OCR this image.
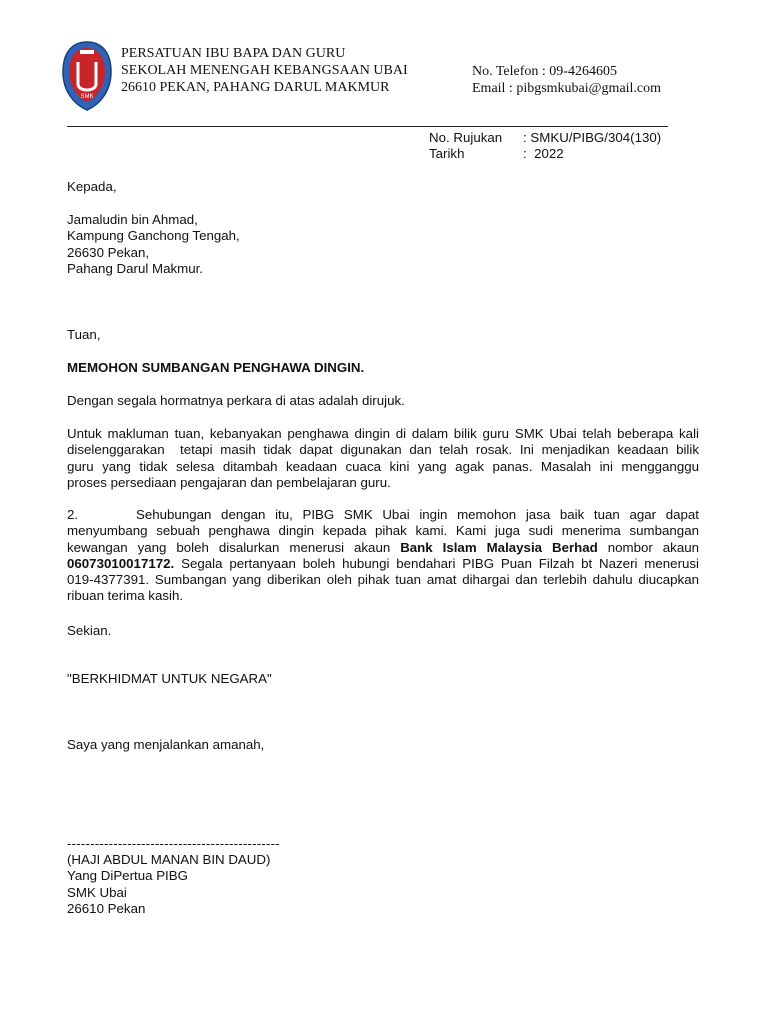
SMK
PERSATUAN IBU BAPA DAN GURU
SEKOLAH MENENGAH KEBANGSAAN UBAI
26610 PEKAN, PAHANG DARUL MAKMUR
No. Telefon : 09-4264605
Email : pibgsmkubai@gmail.com
No. Rujukan	: SMKU/PIBG/304(130)
Tarikh	:  2022
Kepada,
Jamaludin bin Ahmad,
Kampung Ganchong Tengah,
26630 Pekan,
Pahang Darul Makmur.
Tuan,
MEMOHON SUMBANGAN PENGHAWA DINGIN.
Dengan segala hormatnya perkara di atas adalah dirujuk.
Untuk makluman tuan, kebanyakan penghawa dingin di dalam bilik guru SMK Ubai telah beberapa kali
diselenggarakan  tetapi masih tidak dapat digunakan dan telah rosak. Ini menjadikan keadaan bilik
guru yang tidak selesa ditambah keadaan cuaca kini yang agak panas. Masalah ini mengganggu
proses persediaan pengajaran dan pembelajaran guru.
2.      Sehubungan dengan itu, PIBG SMK Ubai ingin memohon jasa baik tuan agar dapat
menyumbang sebuah penghawa dingin kepada pihak kami. Kami juga sudi menerima sumbangan
kewangan yang boleh disalurkan menerusi akaun Bank Islam Malaysia Berhad nombor akaun
06073010017172. Segala pertanyaan boleh hubungi bendahari PIBG Puan Filzah bt Nazeri menerusi
019-4377391. Sumbangan yang diberikan oleh pihak tuan amat dihargai dan terlebih dahulu diucapkan
ribuan terima kasih.
Sekian.
"BERKHIDMAT UNTUK NEGARA"
Saya yang menjalankan amanah,
----------------------------------------------
(HAJI ABDUL MANAN BIN DAUD)
Yang DiPertua PIBG
SMK Ubai
26610 Pekan
